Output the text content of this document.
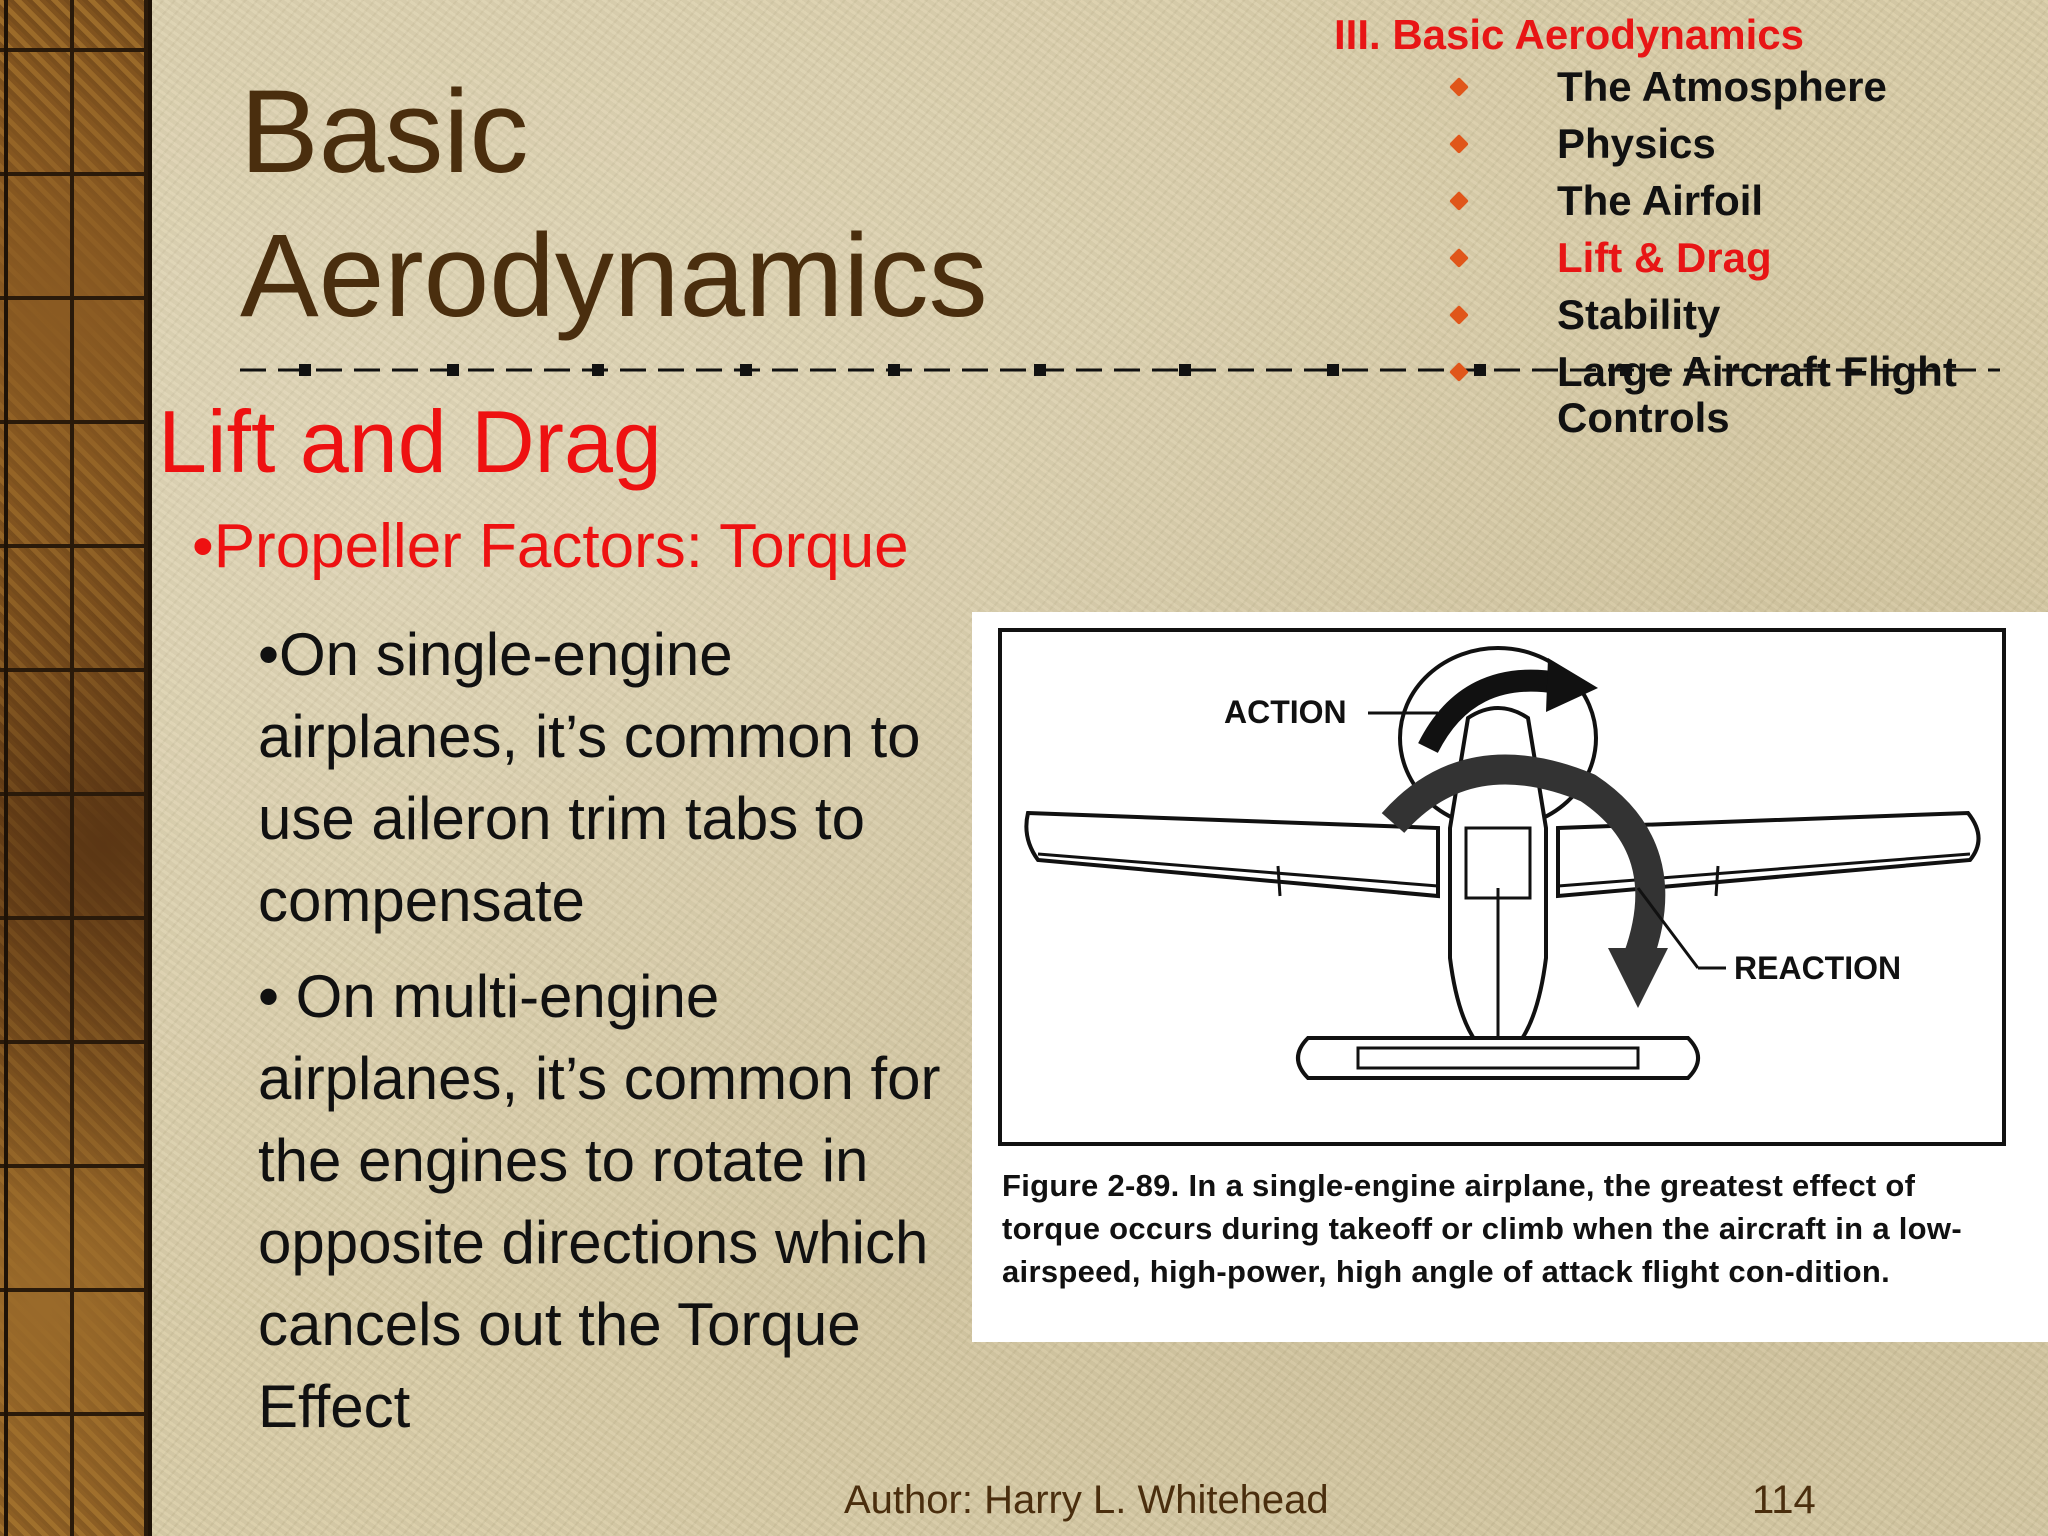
Basic
Aerodynamics
III. Basic Aerodynamics
The Atmosphere
Physics
The Airfoil
Lift & Drag
Stability
Large Aircraft Flight Controls
Lift and Drag
•Propeller Factors: Torque

•On single-engine airplanes, it’s common to use aileron trim tabs to compensate

• On multi-engine airplanes, it’s common for the engines to rotate in opposite directions which cancels out the Torque Effect

ACTION
REACTION
Figure 2-89. In a single-engine airplane, the greatest effect of torque occurs during takeoff or climb when the aircraft in a low-airspeed, high-power, high angle of attack flight con-dition.
Author: Harry L. Whitehead	114
